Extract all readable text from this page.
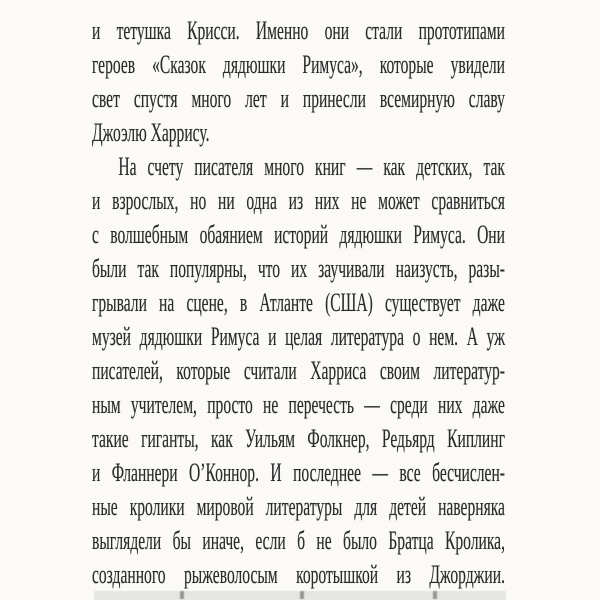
и тетушка Крисси. Именно они стали прототипами
героев «Сказок дядюшки Римуса», которые увидели
свет спустя много лет и принесли всемирную славу
Джоэлю Харрису.
На счету писателя много книг — как детских, так
и взрослых, но ни одна из них не может сравниться
с волшебным обаянием историй дядюшки Римуса. Они
были так популярны, что их заучивали наизусть, разы-
грывали на сцене, в Атланте (США) существует даже
музей дядюшки Римуса и целая литература о нем. А уж
писателей, которые считали Харриса своим литератур-
ным учителем, просто не перечесть — среди них даже
такие гиганты, как Уильям Фолкнер, Редьярд Киплинг
и Фланнери О’Коннор. И последнее — все бесчислен-
ные кролики мировой литературы для детей наверняка
выглядели бы иначе, если б не было Братца Кролика,
созданного рыжеволосым коротышкой из Джорджии.
